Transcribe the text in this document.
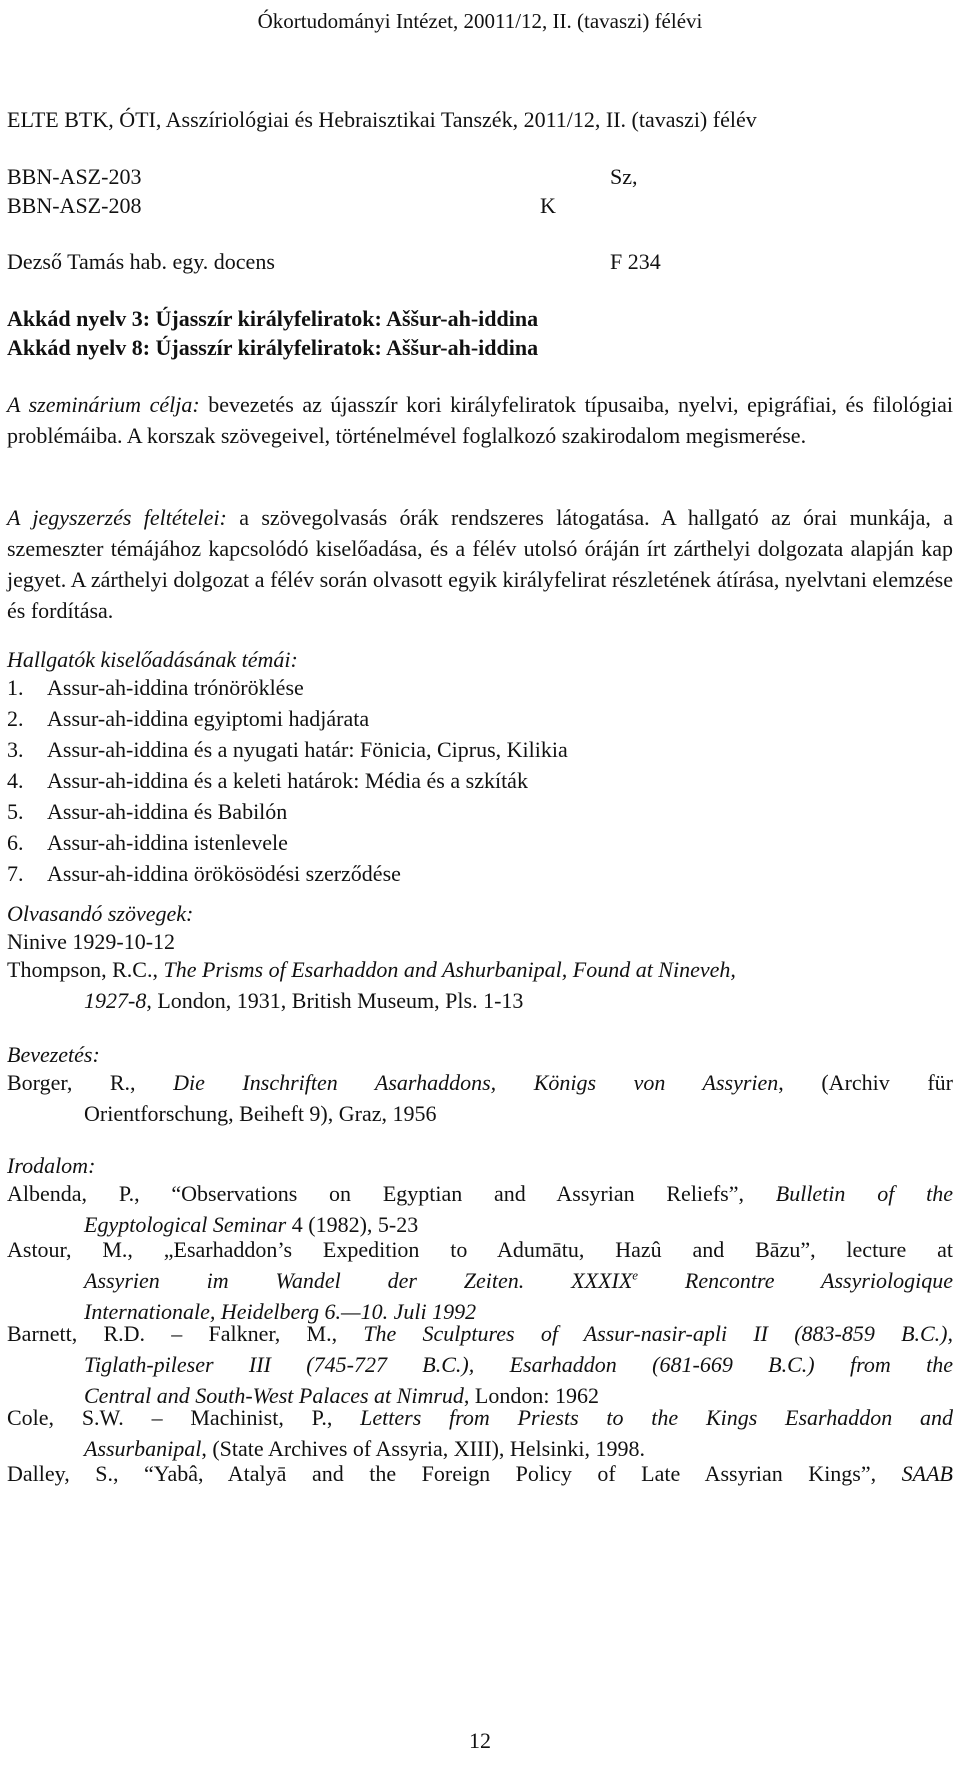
Ókortudományi Intézet, 20011/12, II. (tavaszi) félévi
ELTE BTK, ÓTI, Asszíriológiai és Hebraisztikai Tanszék, 2011/12, II. (tavaszi) félév
BBN-ASZ-203	Sz,
BBN-ASZ-208	K
Dezső Tamás hab. egy. docens	F 234
Akkád nyelv 3: Újasszír királyfeliratok: Aššur-ah-iddina
Akkád nyelv 8: Újasszír királyfeliratok: Aššur-ah-iddina

A szeminárium célja: bevezetés az újasszír kori királyfeliratok típusaiba, nyelvi, epigráfiai, és filológiai problémáiba. A korszak szövegeivel, történelmével foglalkozó szakirodalom megismerése.

A jegyszerzés feltételei: a szövegolvasás órák rendszeres látogatása. A hallgató az órai munkája, a szemeszter témájához kapcsolódó kiselőadása, és a félév utolsó óráján írt zárthelyi dolgozata alapján kap jegyet. A zárthelyi dolgozat a félév során olvasott egyik királyfelirat részletének átírása, nyelvtani elemzése és fordítása.

Hallgatók kiselőadásának témái:
1. Assur-ah-iddina trónöröklése
2. Assur-ah-iddina egyiptomi hadjárata
3. Assur-ah-iddina és a nyugati határ: Fönicia, Ciprus, Kilikia
4. Assur-ah-iddina és a keleti határok: Média és a szkíták
5. Assur-ah-iddina és Babilón
6. Assur-ah-iddina istenlevele
7. Assur-ah-iddina örökösödési szerződése
Olvasandó szövegek:
Ninive 1929-10-12
Thompson, R.C., The Prisms of Esarhaddon and Ashurbanipal, Found at Nineveh,
1927-8, London, 1931, British Museum, Pls. 1-13
Bevezetés:
Borger, R., Die Inschriften Asarhaddons, Königs von Assyrien, (Archiv für
Orientforschung, Beiheft 9), Graz, 1956
Irodalom:
Albenda, P., “Observations on Egyptian and Assyrian Reliefs”, Bulletin of the
Egyptological Seminar 4 (1982), 5-23
Astour, M., „Esarhaddon’s Expedition to Adumātu, Hazû and Bāzu”, lecture at
Assyrien im Wandel der Zeiten. XXXIXe Rencontre Assyriologique
Internationale, Heidelberg 6.—10. Juli 1992
Barnett, R.D. – Falkner, M., The Sculptures of Assur-nasir-apli II (883-859 B.C.),
Tiglath-pileser III (745-727 B.C.), Esarhaddon (681-669 B.C.) from the
Central and South-West Palaces at Nimrud, London: 1962
Cole, S.W. – Machinist, P., Letters from Priests to the Kings Esarhaddon and
Assurbanipal, (State Archives of Assyria, XIII), Helsinki, 1998.
Dalley, S., “Yabâ, Atalyā and the Foreign Policy of Late Assyrian Kings”, SAAB
12
